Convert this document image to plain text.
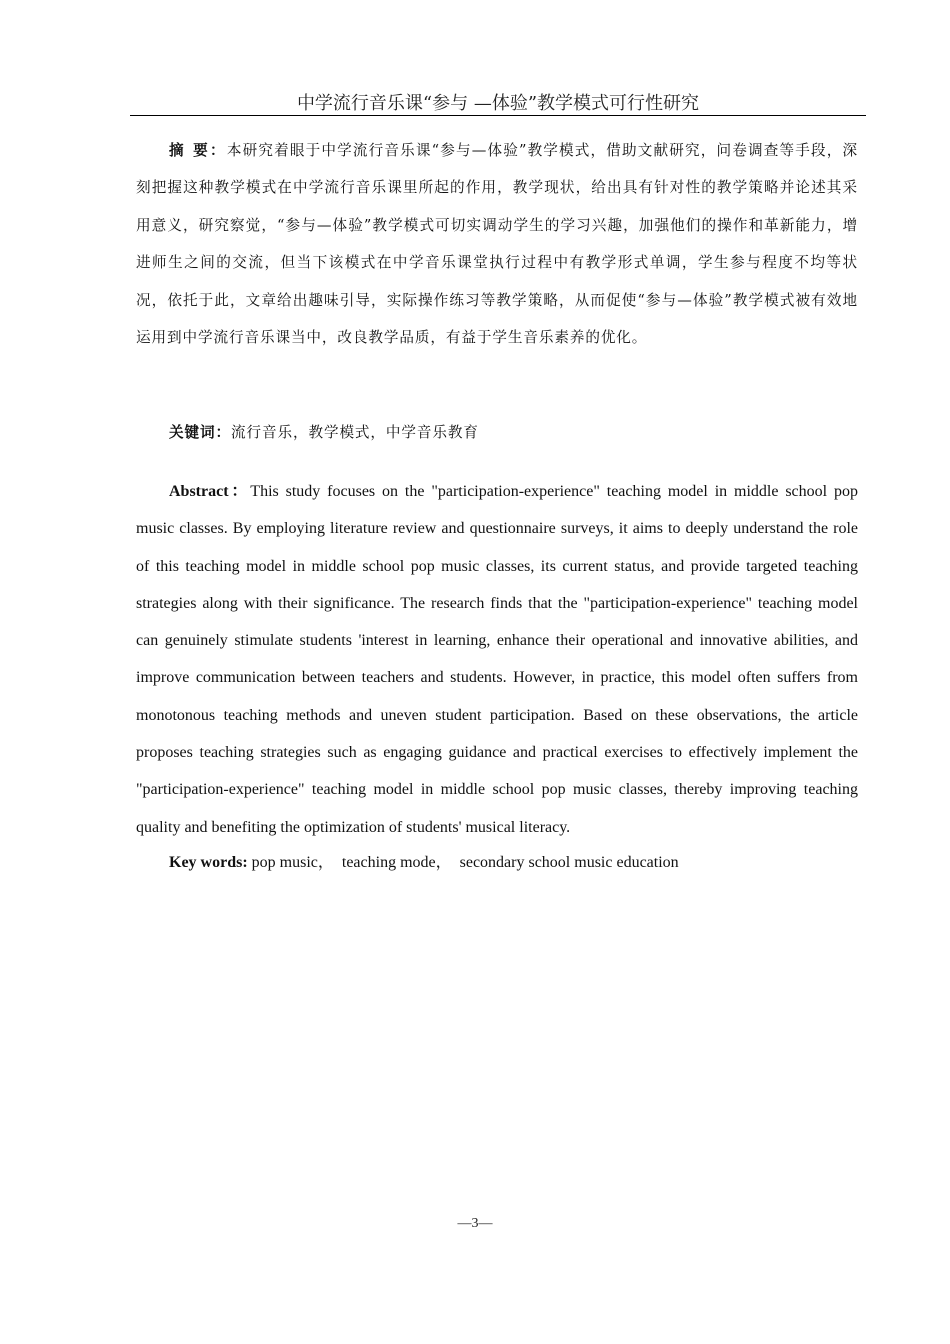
中学流行音乐课“参与 —体验”教学模式可行性研究

摘 要：本研究着眼于中学流行音乐课“参与—体验”教学模式，借助文献研究，问卷调查等手段，深刻把握这种教学模式在中学流行音乐课里所起的作用，教学现状，给出具有针对性的教学策略并论述其采用意义，研究察觉，“参与—体验”教学模式可切实调动学生的学习兴趣，加强他们的操作和革新能力，增进师生之间的交流，但当下该模式在中学音乐课堂执行过程中有教学形式单调，学生参与程度不均等状况，依托于此，文章给出趣味引导，实际操作练习等教学策略，从而促使“参与—体验”教学模式被有效地运用到中学流行音乐课当中，改良教学品质，有益于学生音乐素养的优化。

关键词：流行音乐，教学模式，中学音乐教育

Abstract：This study focuses on the "participation-experience" teaching model in middle school pop music classes. By employing literature review and questionnaire surveys, it aims to deeply understand the role of this teaching model in middle school pop music classes, its current status, and provide targeted teaching strategies along with their significance. The research finds that the "participation-experience" teaching model can genuinely stimulate students 'interest in learning, enhance their operational and innovative abilities, and improve communication between teachers and students. However, in practice, this model often suffers from monotonous teaching methods and uneven student participation. Based on these observations, the article proposes teaching strategies such as engaging guidance and practical exercises to effectively implement the "participation-experience" teaching model in middle school pop music classes, thereby improving teaching quality and benefiting the optimization of students' musical literacy.

Key words: pop music，  teaching mode，  secondary school music education

—3—
